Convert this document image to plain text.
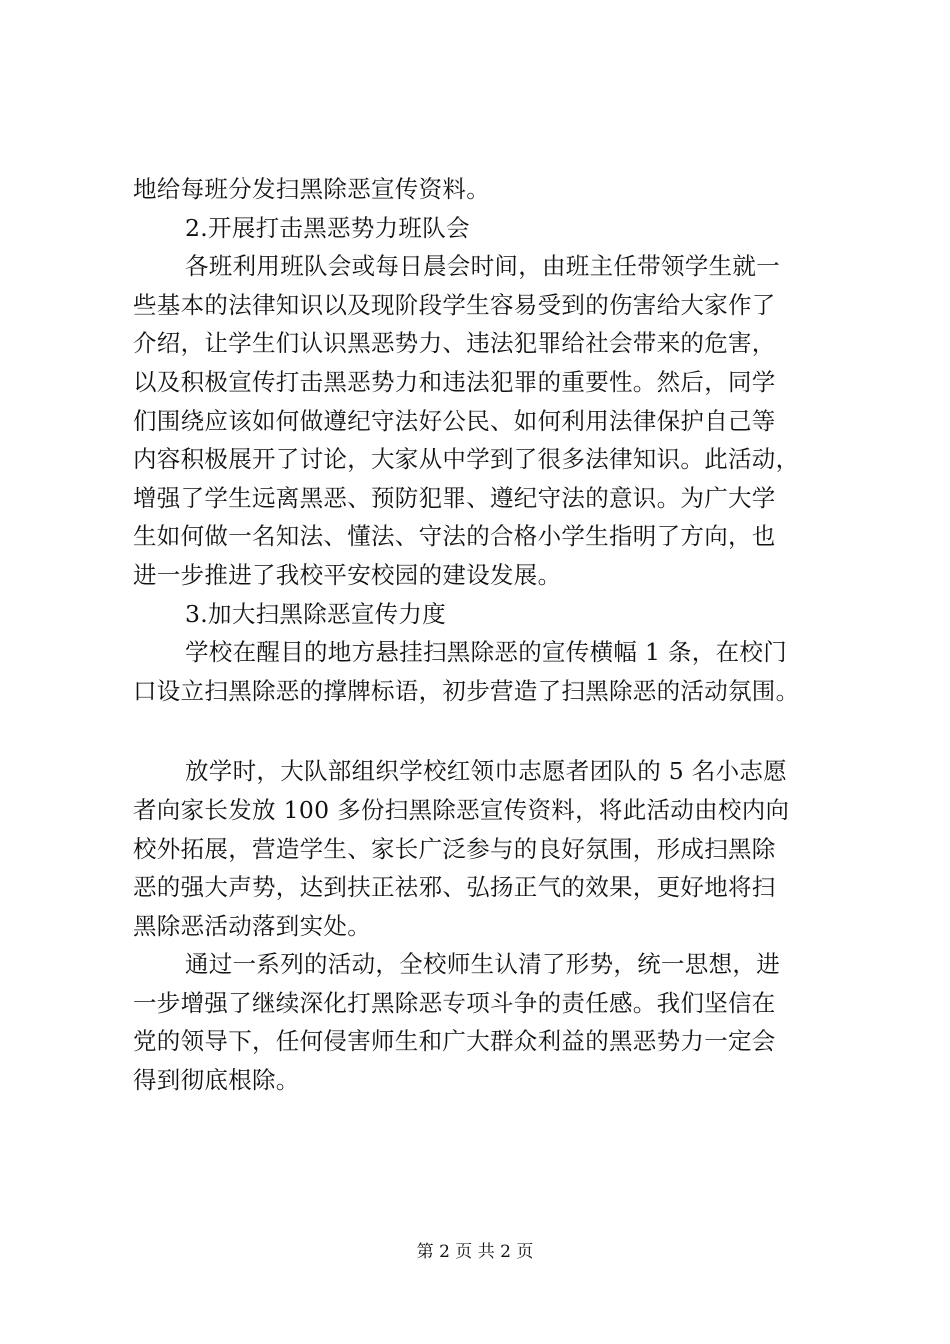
地给每班分发扫黑除恶宣传资料。
2.开展打击黑恶势力班队会
各班利用班队会或每日晨会时间，由班主任带领学生就一
些基本的法律知识以及现阶段学生容易受到的伤害给大家作了
介绍，让学生们认识黑恶势力、违法犯罪给社会带来的危害，
以及积极宣传打击黑恶势力和违法犯罪的重要性。然后，同学
们围绕应该如何做遵纪守法好公民、如何利用法律保护自己等
内容积极展开了讨论，大家从中学到了很多法律知识。此活动，
增强了学生远离黑恶、预防犯罪、遵纪守法的意识。为广大学
生如何做一名知法、懂法、守法的合格小学生指明了方向，也
进一步推进了我校平安校园的建设发展。
3.加大扫黑除恶宣传力度
学校在醒目的地方悬挂扫黑除恶的宣传横幅 1 条，在校门
口设立扫黑除恶的撑牌标语，初步营造了扫黑除恶的活动氛围。
放学时，大队部组织学校红领巾志愿者团队的 5 名小志愿
者向家长发放 100 多份扫黑除恶宣传资料，将此活动由校内向
校外拓展，营造学生、家长广泛参与的良好氛围，形成扫黑除
恶的强大声势，达到扶正祛邪、弘扬正气的效果，更好地将扫
黑除恶活动落到实处。
通过一系列的活动，全校师生认清了形势，统一思想，进
一步增强了继续深化打黑除恶专项斗争的责任感。我们坚信在
党的领导下，任何侵害师生和广大群众利益的黑恶势力一定会
得到彻底根除。
第 2 页 共 2 页
